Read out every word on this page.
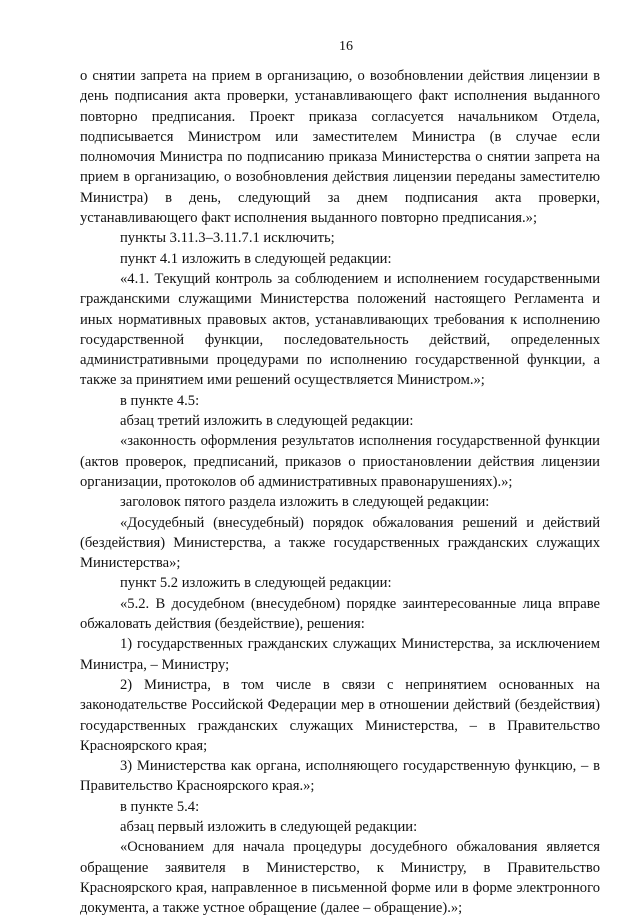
16

о снятии запрета на прием в организацию, о возобновлении действия лицензии в день подписания акта проверки, устанавливающего факт исполнения выданного повторно предписания. Проект приказа согласуется начальником Отдела, подписывается Министром или заместителем Министра (в случае если полномочия Министра по подписанию приказа Министерства о снятии запрета на прием в организацию, о возобновления действия лицензии переданы заместителю Министра) в день, следующий за днем подписания акта проверки, устанавливающего факт исполнения выданного повторно предписания.»;

пункты 3.11.3–3.11.7.1 исключить;

пункт 4.1 изложить в следующей редакции:

«4.1. Текущий контроль за соблюдением и исполнением государственными гражданскими служащими Министерства положений настоящего Регламента и иных нормативных правовых актов, устанавливающих требования к исполнению государственной функции, последовательность действий, определенных административными процедурами по исполнению государственной функции, а также за принятием ими решений осуществляется Министром.»;

в пункте 4.5:

абзац третий изложить в следующей редакции:

«законность оформления результатов исполнения государственной функции (актов проверок, предписаний, приказов о приостановлении действия лицензии организации, протоколов об административных правонарушениях).»;

заголовок пятого раздела изложить в следующей редакции:

«Досудебный (внесудебный) порядок обжалования решений и действий (бездействия) Министерства, а также государственных гражданских служащих Министерства»;

пункт 5.2 изложить в следующей редакции:

«5.2. В досудебном (внесудебном) порядке заинтересованные лица вправе обжаловать действия (бездействие), решения:

1) государственных гражданских служащих Министерства, за исключением Министра, – Министру;

2) Министра, в том числе в связи с непринятием основанных на законодательстве Российской Федерации мер в отношении действий (бездействия) государственных гражданских служащих Министерства, – в Правительство Красноярского края;

3) Министерства как органа, исполняющего государственную функцию, – в Правительство Красноярского края.»;

в пункте 5.4:

абзац первый изложить в следующей редакции:

«Основанием для начала процедуры досудебного обжалования является обращение заявителя в Министерство, к Министру, в Правительство Красноярского края, направленное в письменной форме или в форме электронного документа, а также устное обращение (далее – обращение).»;
